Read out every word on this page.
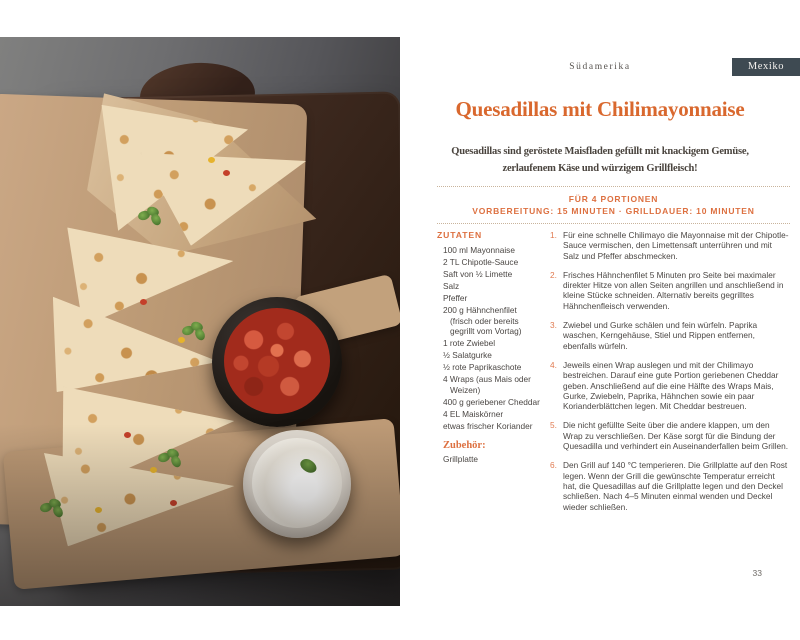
Südamerika	Mexiko
Quesadillas mit Chilimayonnaise
Quesadillas sind geröstete Maisfladen gefüllt mit knackigem Gemüse,
zerlaufenem Käse und würzigem Grillfleisch!
FÜR 4 PORTIONEN
VORBEREITUNG: 15 MINUTEN · GRILLDAUER: 10 MINUTEN
ZUTATEN
100 ml Mayonnaise
2 TL Chipotle-Sauce
Saft von ½ Limette
Salz
Pfeffer
200 g Hähnchenfilet (frisch oder bereits gegrillt vom Vortag)
1 rote Zwiebel
½ Salatgurke
½ rote Paprikaschote
4 Wraps (aus Mais oder Weizen)
400 g geriebener Cheddar
4 EL Maiskörner
etwas frischer Koriander
Zubehör:
Grillplatte
1. Für eine schnelle Chilimayo die Mayonnaise mit der Chipotle-Sauce vermischen, den Limettensaft unterrühren und mit Salz und Pfeffer abschmecken.
2. Frisches Hähnchenfilet 5 Minuten pro Seite bei maximaler direkter Hitze von allen Seiten angrillen und anschließend in kleine Stücke schneiden. Alternativ bereits gegrilltes Hähnchenfleisch verwenden.
3. Zwiebel und Gurke schälen und fein würfeln. Paprika waschen, Kerngehäuse, Stiel und Rippen entfernen, ebenfalls würfeln.
4. Jeweils einen Wrap auslegen und mit der Chilimayo bestreichen. Darauf eine gute Portion geriebenen Cheddar geben. Anschließend auf die eine Hälfte des Wraps Mais, Gurke, Zwiebeln, Paprika, Hähnchen sowie ein paar Korianderblättchen legen. Mit Cheddar bestreuen.
5. Die nicht gefüllte Seite über die andere klappen, um den Wrap zu verschließen. Der Käse sorgt für die Bindung der Quesadilla und verhindert ein Auseinanderfallen beim Grillen.
6. Den Grill auf 140 °C temperieren. Die Grillplatte auf den Rost legen. Wenn der Grill die gewünschte Temperatur erreicht hat, die Quesadillas auf die Grillplatte legen und den Deckel schließen. Nach 4–5 Minuten einmal wenden und Deckel wieder schließen.
33
